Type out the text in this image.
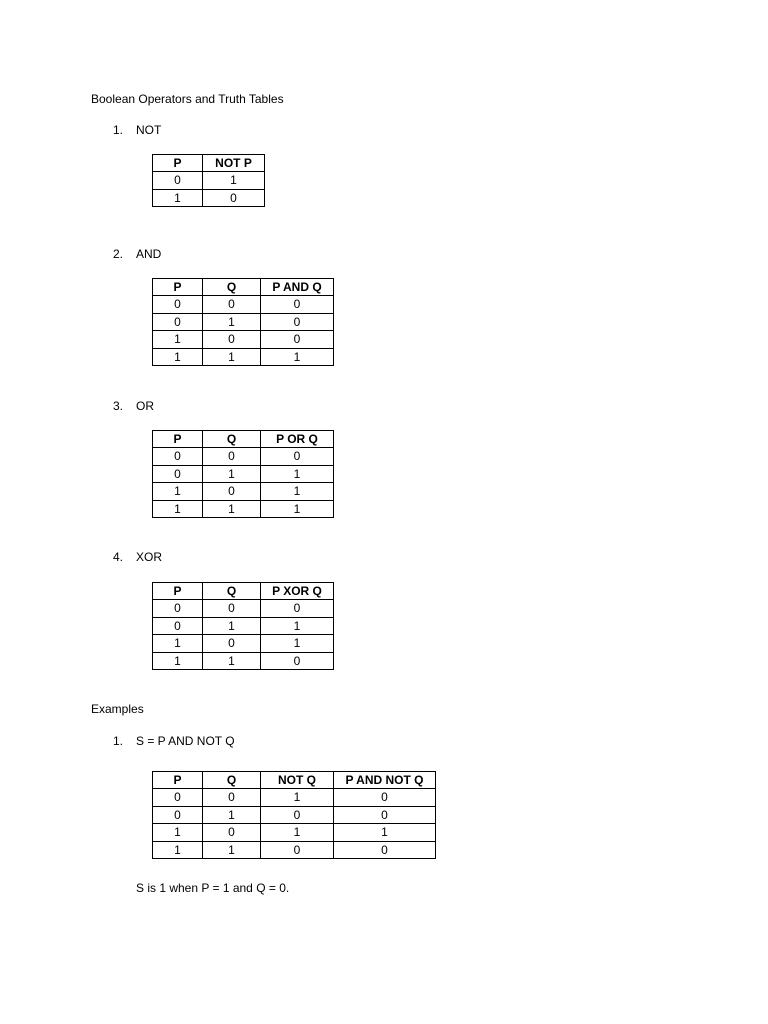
Boolean Operators and Truth Tables
1. NOT
P	NOT P
0	1
1	0
2. AND
P	Q	P AND Q
0	0	0
0	1	0
1	0	0
1	1	1
3. OR
P	Q	P OR Q
0	0	0
0	1	1
1	0	1
1	1	1
4. XOR
P	Q	P XOR Q
0	0	0
0	1	1
1	0	1
1	1	0
Examples
1. S = P AND NOT Q
P	Q	NOT Q	P AND NOT Q
0	0	1	0
0	1	0	0
1	0	1	1
1	1	0	0
S is 1 when P = 1 and Q = 0.
